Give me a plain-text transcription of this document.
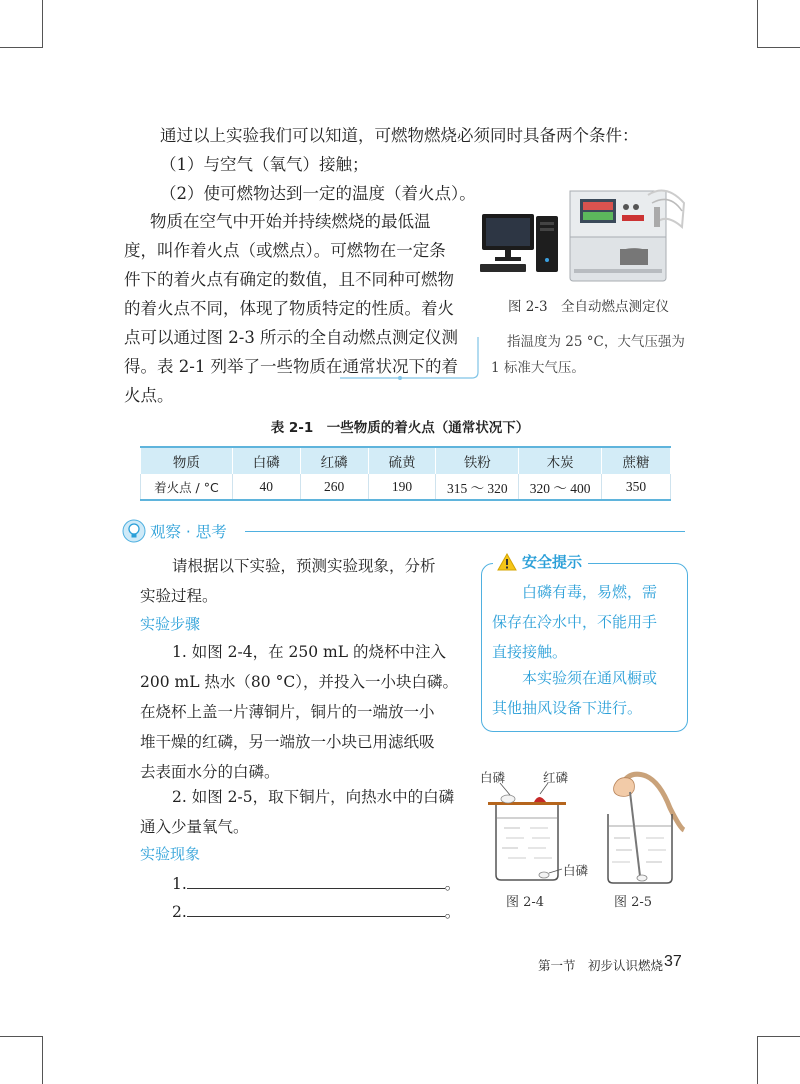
通过以上实验我们可以知道，可燃物燃烧必须同时具备两个条件：
（1）与空气（氧气）接触；
（2）使可燃物达到一定的温度（着火点）。
物质在空气中开始并持续燃烧的最低温
度，叫作着火点（或燃点）。可燃物在一定条
件下的着火点有确定的数值，且不同种可燃物
的着火点不同，体现了物质特定的性质。着火
点可以通过图 2-3 所示的全自动燃点测定仪测
得。表 2-1 列举了一些物质在通常状况下的着
火点。
图 2-3　全自动燃点测定仪
指温度为 25 °C，大气压强为
1 标准大气压。
表 2-1　一些物质的着火点（通常状况下）
物质	白磷	红磷	硫黄	铁粉	木炭	蔗糖
着火点 / °C	40	260	190	315 ～ 320	320 ～ 400	350
观察 · 思考
请根据以下实验，预测实验现象，分析
实验过程。
实验步骤
1. 如图 2-4，在 250 mL 的烧杯中注入
200 mL 热水（80 °C），并投入一小块白磷。
在烧杯上盖一片薄铜片，铜片的一端放一小
堆干燥的红磷，另一端放一小块已用滤纸吸
去表面水分的白磷。
2. 如图 2-5，取下铜片，向热水中的白磷
通入少量氧气。
实验现象
1.	。
2.	。
安全提示
白磷有毒，易燃，需
保存在冷水中，不能用手
直接接触。
本实验须在通风橱或
其他抽风设备下进行。
白磷	红磷
白磷
图 2-4	图 2-5
第一节　初步认识燃烧 37
